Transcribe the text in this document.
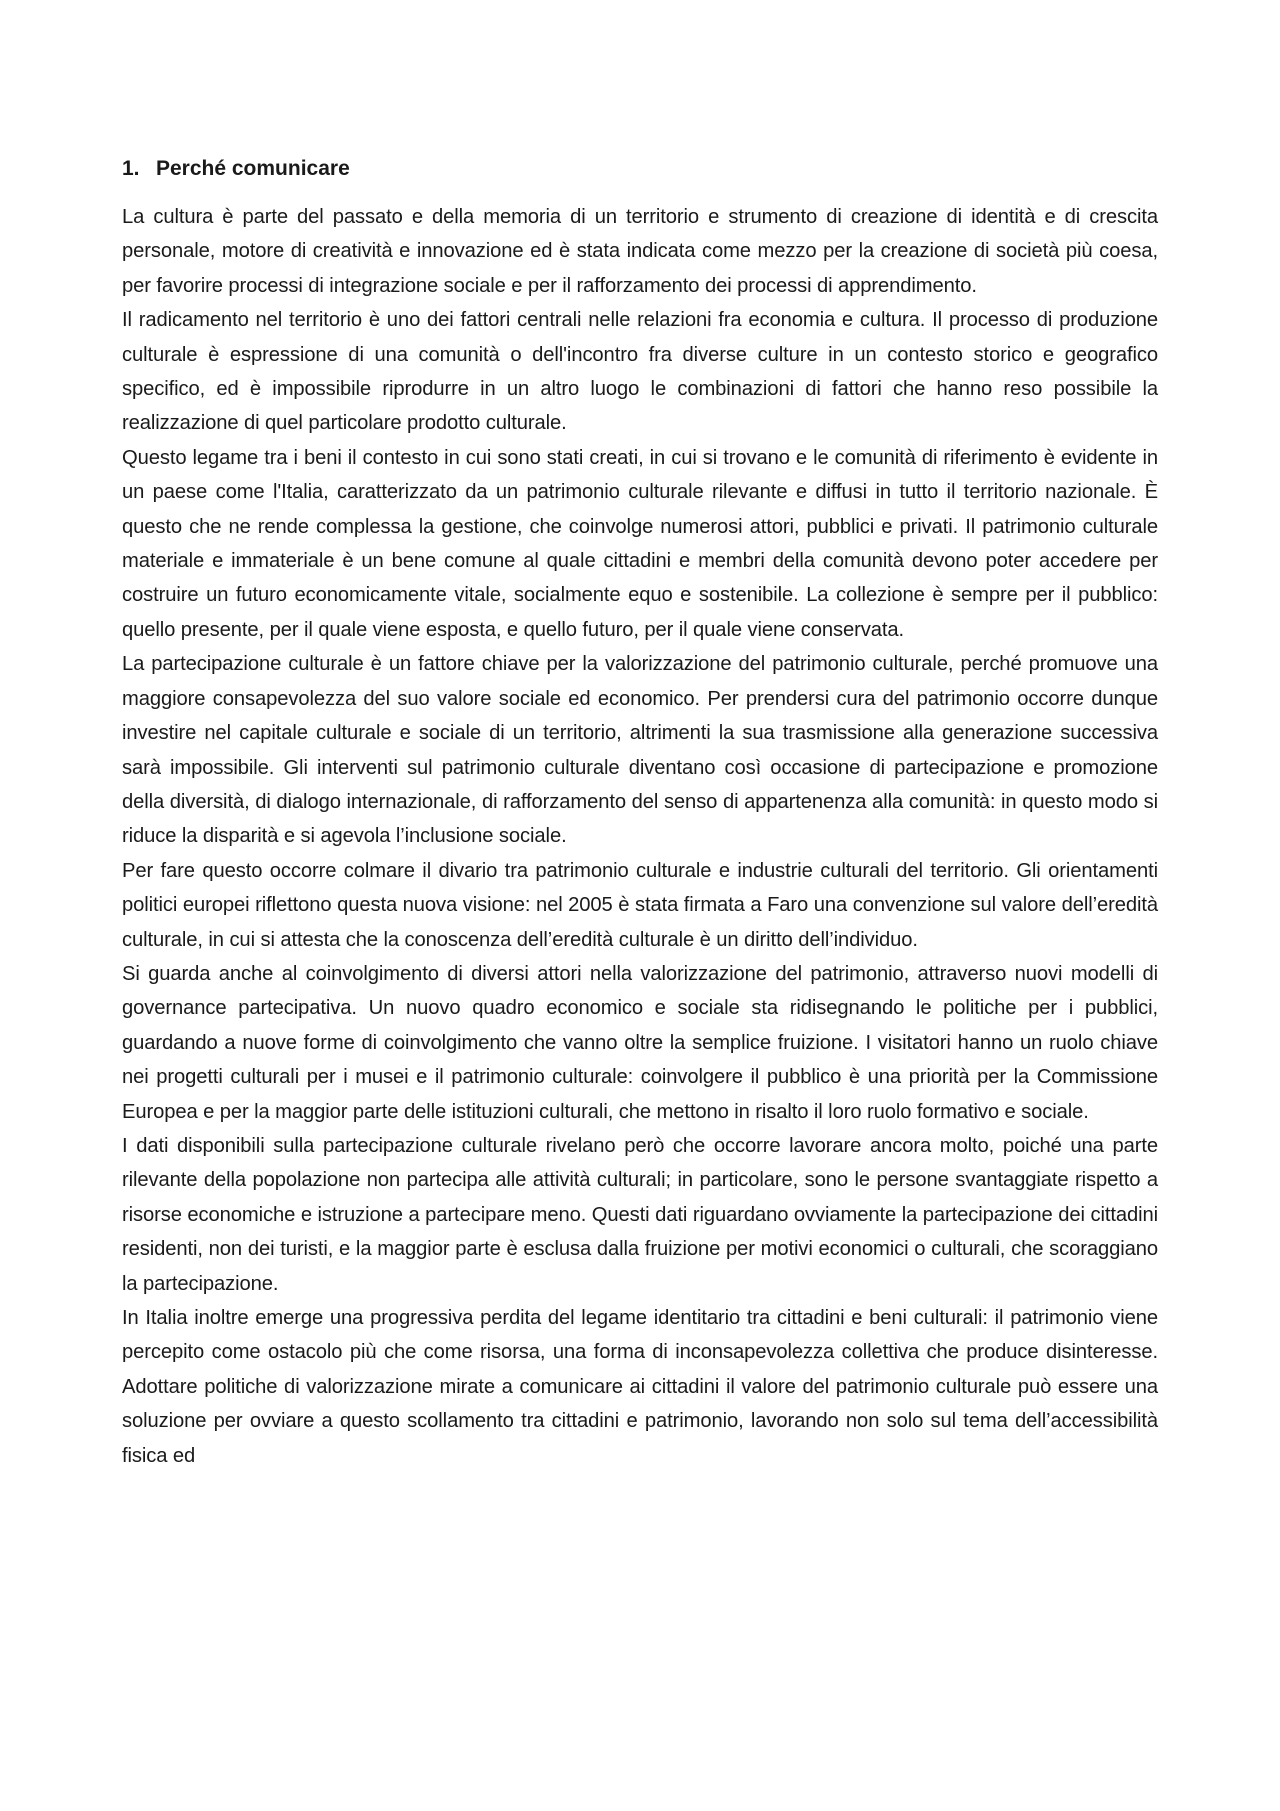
1. Perché comunicare

La cultura è parte del passato e della memoria di un territorio e strumento di creazione di identità e di crescita personale, motore di creatività e innovazione ed è stata indicata come mezzo per la creazione di società più coesa, per favorire processi di integrazione sociale e per il rafforzamento dei processi di apprendimento.

Il radicamento nel territorio è uno dei fattori centrali nelle relazioni fra economia e cultura. Il processo di produzione culturale è espressione di una comunità o dell'incontro fra diverse culture in un contesto storico e geografico specifico, ed è impossibile riprodurre in un altro luogo le combinazioni di fattori che hanno reso possibile la realizzazione di quel particolare prodotto culturale.

Questo legame tra i beni il contesto in cui sono stati creati, in cui si trovano e le comunità di riferimento è evidente in un paese come l'Italia, caratterizzato da un patrimonio culturale rilevante e diffusi in tutto il territorio nazionale. È questo che ne rende complessa la gestione, che coinvolge numerosi attori, pubblici e privati. Il patrimonio culturale materiale e immateriale è un bene comune al quale cittadini e membri della comunità devono poter accedere per costruire un futuro economicamente vitale, socialmente equo e sostenibile. La collezione è sempre per il pubblico: quello presente, per il quale viene esposta, e quello futuro, per il quale viene conservata.

La partecipazione culturale è un fattore chiave per la valorizzazione del patrimonio culturale, perché promuove una maggiore consapevolezza del suo valore sociale ed economico. Per prendersi cura del patrimonio occorre dunque investire nel capitale culturale e sociale di un territorio, altrimenti la sua trasmissione alla generazione successiva sarà impossibile. Gli interventi sul patrimonio culturale diventano così occasione di partecipazione e promozione della diversità, di dialogo internazionale, di rafforzamento del senso di appartenenza alla comunità: in questo modo si riduce la disparità e si agevola l’inclusione sociale.

Per fare questo occorre colmare il divario tra patrimonio culturale e industrie culturali del territorio. Gli orientamenti politici europei riflettono questa nuova visione: nel 2005 è stata firmata a Faro una convenzione sul valore dell’eredità culturale, in cui si attesta che la conoscenza dell’eredità culturale è un diritto dell’individuo.

Si guarda anche al coinvolgimento di diversi attori nella valorizzazione del patrimonio, attraverso nuovi modelli di governance partecipativa. Un nuovo quadro economico e sociale sta ridisegnando le politiche per i pubblici, guardando a nuove forme di coinvolgimento che vanno oltre la semplice fruizione. I visitatori hanno un ruolo chiave nei progetti culturali per i musei e il patrimonio culturale: coinvolgere il pubblico è una priorità per la Commissione Europea e per la maggior parte delle istituzioni culturali, che mettono in risalto il loro ruolo formativo e sociale.

I dati disponibili sulla partecipazione culturale rivelano però che occorre lavorare ancora molto, poiché una parte rilevante della popolazione non partecipa alle attività culturali; in particolare, sono le persone svantaggiate rispetto a risorse economiche e istruzione a partecipare meno. Questi dati riguardano ovviamente la partecipazione dei cittadini residenti, non dei turisti, e la maggior parte è esclusa dalla fruizione per motivi economici o culturali, che scoraggiano la partecipazione.

In Italia inoltre emerge una progressiva perdita del legame identitario tra cittadini e beni culturali: il patrimonio viene percepito come ostacolo più che come risorsa, una forma di inconsapevolezza collettiva che produce disinteresse. Adottare politiche di valorizzazione mirate a comunicare ai cittadini il valore del patrimonio culturale può essere una soluzione per ovviare a questo scollamento tra cittadini e patrimonio, lavorando non solo sul tema dell’accessibilità fisica ed
